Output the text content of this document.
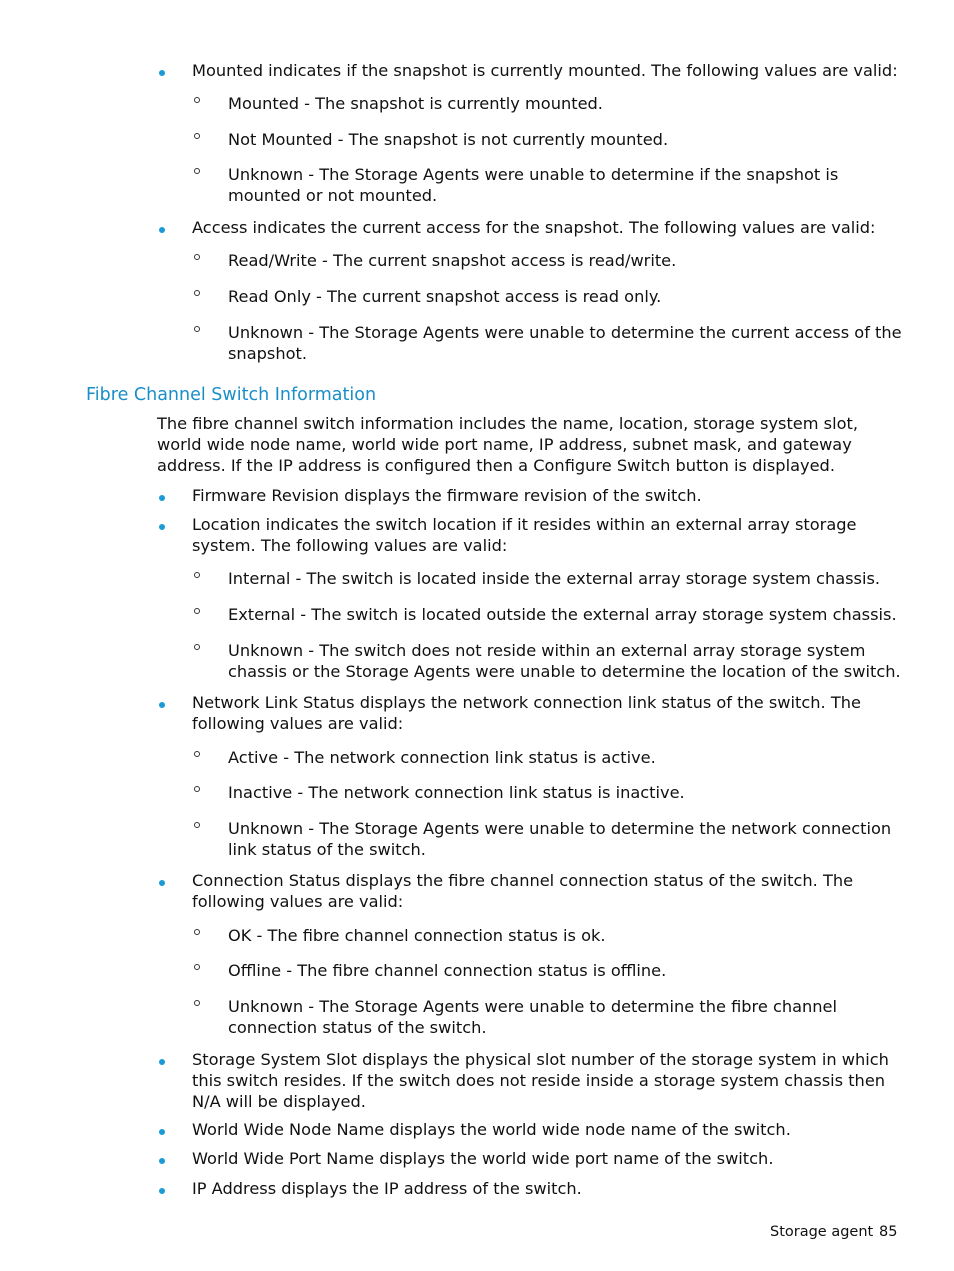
Mounted indicates if the snapshot is currently mounted. The following values are valid:
Mounted - The snapshot is currently mounted.
Not Mounted - The snapshot is not currently mounted.
Unknown - The Storage Agents were unable to determine if the snapshot is mounted or not mounted.
Access indicates the current access for the snapshot. The following values are valid:
Read/Write - The current snapshot access is read/write.
Read Only - The current snapshot access is read only.
Unknown - The Storage Agents were unable to determine the current access of the snapshot.
Fibre Channel Switch Information
The fibre channel switch information includes the name, location, storage system slot, world wide node name, world wide port name, IP address, subnet mask, and gateway address. If the IP address is configured then a Configure Switch button is displayed.
Firmware Revision displays the firmware revision of the switch.
Location indicates the switch location if it resides within an external array storage system. The following values are valid:
Internal - The switch is located inside the external array storage system chassis.
External - The switch is located outside the external array storage system chassis.
Unknown - The switch does not reside within an external array storage system chassis or the Storage Agents were unable to determine the location of the switch.
Network Link Status displays the network connection link status of the switch. The following values are valid:
Active - The network connection link status is active.
Inactive - The network connection link status is inactive.
Unknown - The Storage Agents were unable to determine the network connection link status of the switch.
Connection Status displays the fibre channel connection status of the switch. The following values are valid:
OK - The fibre channel connection status is ok.
Offline - The fibre channel connection status is offline.
Unknown - The Storage Agents were unable to determine the fibre channel connection status of the switch.
Storage System Slot displays the physical slot number of the storage system in which this switch resides. If the switch does not reside inside a storage system chassis then N/A will be displayed.
World Wide Node Name displays the world wide node name of the switch.
World Wide Port Name displays the world wide port name of the switch.
IP Address displays the IP address of the switch.
Storage agent 85
